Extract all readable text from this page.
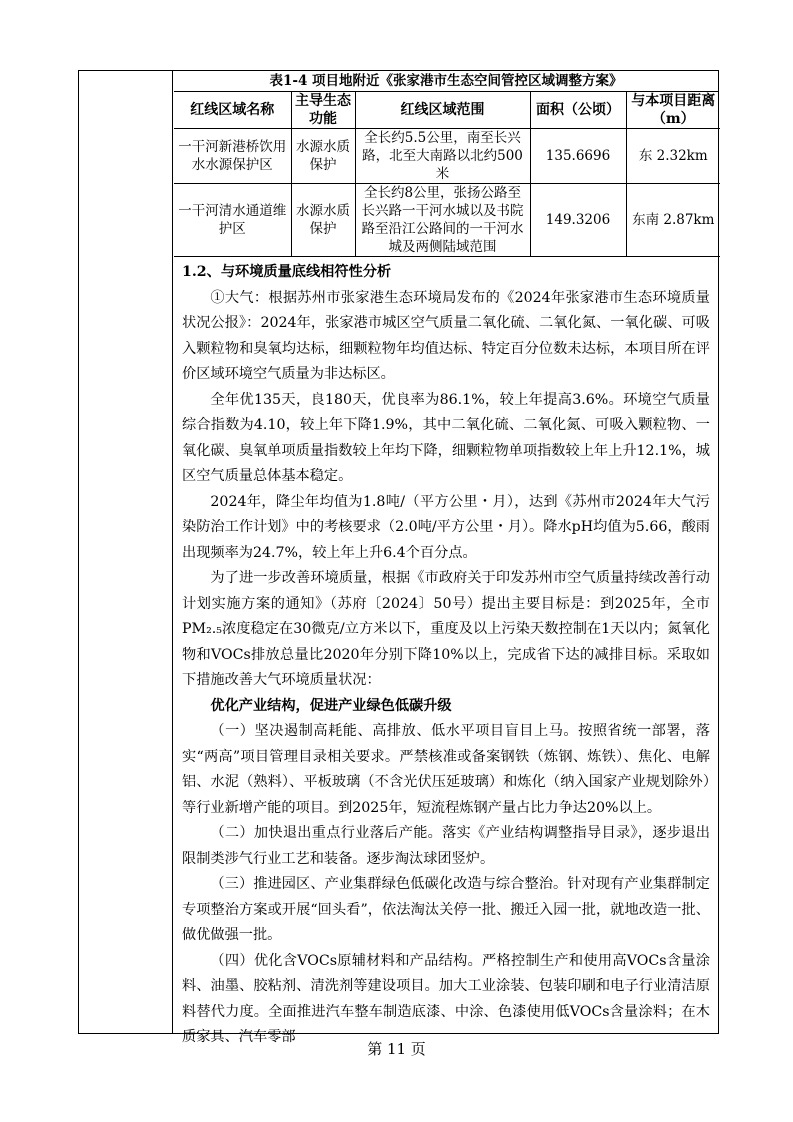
表1-4 项目地附近《张家港市生态空间管控区域调整方案》
红线区域名称	主导生态功能	红线区域范围	面积（公顷）	与本项目距离（m）
一干河新港桥饮用水水源保护区	水源水质保护	全长约5.5公里，南至长兴路，北至大南路以北约500米	135.6696	东 2.32km
一干河清水通道维护区	水源水质保护	全长约8公里，张扬公路至长兴路一干河水城以及书院路至沿江公路间的一干河水城及两侧陆域范围	149.3206	东南 2.87km
1.2、与环境质量底线相符性分析

①大气：根据苏州市张家港生态环境局发布的《2024年张家港市生态环境质量状况公报》：2024年，张家港市城区空气质量二氧化硫、二氧化氮、一氧化碳、可吸入颗粒物和臭氧均达标，细颗粒物年均值达标、特定百分位数未达标，本项目所在评价区域环境空气质量为非达标区。

全年优135天，良180天，优良率为86.1%，较上年提高3.6%。环境空气质量综合指数为4.10，较上年下降1.9%，其中二氧化硫、二氧化氮、可吸入颗粒物、一氧化碳、臭氧单项质量指数较上年均下降，细颗粒物单项指数较上年上升12.1%，城区空气质量总体基本稳定。

2024年，降尘年均值为1.8吨/（平方公里・月），达到《苏州市2024年大气污染防治工作计划》中的考核要求（2.0吨/平方公里・月）。降水pH均值为5.66，酸雨出现频率为24.7%，较上年上升6.4个百分点。

为了进一步改善环境质量，根据《市政府关于印发苏州市空气质量持续改善行动计划实施方案的通知》（苏府〔2024〕50号）提出主要目标是：到2025年，全市PM₂.₅浓度稳定在30微克/立方米以下，重度及以上污染天数控制在1天以内；氮氧化物和VOCs排放总量比2020年分别下降10%以上，完成省下达的减排目标。采取如下措施改善大气环境质量状况：

优化产业结构，促进产业绿色低碳升级

（一）坚决遏制高耗能、高排放、低水平项目盲目上马。按照省统一部署，落实“两高”项目管理目录相关要求。严禁核准或备案钢铁（炼钢、炼铁）、焦化、电解铝、水泥（熟料）、平板玻璃（不含光伏压延玻璃）和炼化（纳入国家产业规划除外）等行业新增产能的项目。到2025年，短流程炼钢产量占比力争达20%以上。

（二）加快退出重点行业落后产能。落实《产业结构调整指导目录》，逐步退出限制类涉气行业工艺和装备。逐步淘汰球团竖炉。

（三）推进园区、产业集群绿色低碳化改造与综合整治。针对现有产业集群制定专项整治方案或开展“回头看”，依法淘汰关停一批、搬迁入园一批，就地改造一批、做优做强一批。

（四）优化含VOCs原辅材料和产品结构。严格控制生产和使用高VOCs含量涂料、油墨、胶粘剂、清洗剂等建设项目。加大工业涂装、包装印刷和电子行业清洁原料替代力度。全面推进汽车整车制造底漆、中涂、色漆使用低VOCs含量涂料；在木质家具、汽车零部

第 11 页
